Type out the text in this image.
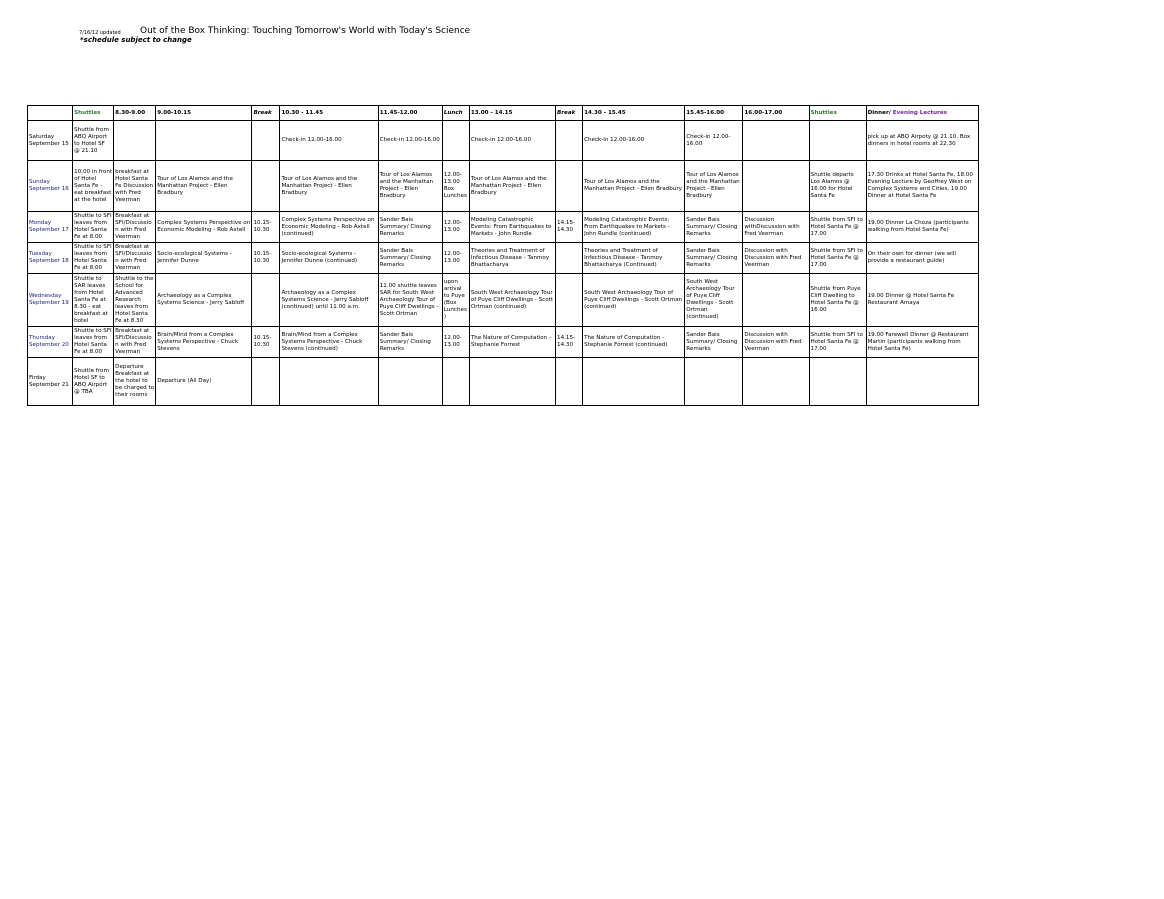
7/16/12 updated Out of the Box Thinking: Touching Tomorrow's World with Today's Science
*schedule subject to change
	Shuttles	8.30-9.00	9.00-10.15	Break	10.30 - 11.45	11.45-12.00	Lunch	13.00 - 14.15	Break	14.30 - 15.45	15.45-16.00	16.00-17.00	Shuttles	Dinner/ Evening Lectures
Saturday September 15	Shuttle from ABQ Airport to Hotel SF @ 21.10				Check-in 12.00-16.00	Check-in 12.00-16.00		Check-in 12.00-16.00		Check-in 12.00-16.00	Check-in 12.00-16.00			pick up at ABQ Airpoty @ 21.10. Box dinners in hotel rooms at 22.30
Sunday September 16	10.00 in front of Hotel Santa Fe - eat breakfast at the hotel	breakfast at Hotel Santa Fe Discussion with Fred Veerman	Tour of Los Alamos and the Manhattan Project - Ellen Bradbury		Tour of Los Alamos and the Manhattan Project - Ellen Bradbury	Tour of Los Alamos and the Manhattan Project - Ellen Bradbury	12.00-13.00 Box Lunches	Tour of Los Alamos and the Manhattan Project - Ellen Bradbury		Tour of Los Alamos and the Manhattan Project - Ellen Bradbury	Tour of Los Alamos and the Manhattan Project - Ellen Bradbury		Shuttle departs Los Alamos @ 16.00 for Hotel Santa Fe	17.30 Drinks at Hotel Santa Fe, 18.00 Evening Lecture by Geoffrey West on Complex Systems and Cities, 19.00 Dinner at Hotel Santa Fe
Monday September 17	Shuttle to SFI leaves from Hotel Santa Fe at 8.00	Breakfast at SFI/Discussion with Fred Veerman	Complex Systems Perspective on Economic Modeling - Rob Axtell	10.15-10.30	Complex Systems Perspective on Economic Modeling - Rob Axtell (continued)	Sander Bais Summary/ Closing Remarks	12.00-13.00	Modeling Catastrophic Events: From Earthquakes to Markets - John Rundle	14.15-14.30	Modeling Catastrophic Events: From Earthquakes to Markets - John Rundle (continued)	Sander Bais Summary/ Closing Remarks	Discussion withDiscussion with Fred Veerman	Shuttle from SFI to Hotel Santa Fe @ 17.00	19.00 Dinner La Choza (participants walking from Hotel Santa Fe)
Tuesday September 18	Shuttle to SFI leaves from Hotel Santa Fe at 8.00	Breakfast at SFI/Discussion with Fred Veerman	Socio-ecological Systems - Jennifer Dunne	10.15-10.30	Socio-ecological Systems - Jennifer Dunne (continued)	Sander Bais Summary/ Closing Remarks	12.00-13.00	Theories and Treatment of Infectious Disease - Tanmoy Bhattacharya		Theories and Treatment of Infectious Disease - Tanmoy Bhattacharya (Continued)	Sander Bais Summary/ Closing Remarks	Discussion with Discussion with Fred Veerman	Shuttle from SFI to Hotel Santa Fe @ 17.00	On their own for dinner (we will provide a restaurant guide)
Wednesday September 19	Shuttle to SAR leaves from Hotel Santa Fe at 8.30 - eat breakfast at hotel	Shuttle to the School for Advanced Research leaves from Hotel Santa Fe at 8.30	Archaeology as a Complex Systems Science - Jerry Sabloff		Archaeology as a Complex Systems Science - Jerry Sabloff (continued) until 11.00 a.m.	11.00 shuttle leaves SAR for South West Archaeology Tour of Puye Cliff Dwellings - Scott Ortman	upon arrival to Puye (Box Lunches)	South West Archaeology Tour of Puye Cliff Dwellings - Scott Ortman (continued)		South West Archaeology Tour of Puye Cliff Dwellings - Scott Ortman (continued)	South West Archaeology Tour of Puye Cliff Dwellings - Scott Ortman (continued)		Shuttle from Puye Cliff Dwelling to Hotel Santa Fe @ 16.00	19.00 Dinner @ Hotel Santa Fe Restaurant Amaya
Thursday September 20	Shuttle to SFI leaves from Hotel Santa Fe at 8.00	Breakfast at SFI/Discussion with Fred Veerman	Brain/Mind from a Complex Systems Perspective - Chuck Stevens	10.15-10.30	Brain/Mind from a Complex Systems Perspective - Chuck Stevens (continued)	Sander Bais Summary/ Closing Remarks	12.00-13.00	The Nature of Computation - Stephanie Forrest	14.15-14.30	The Nature of Computation - Stephanie Forrest (continued)	Sander Bais Summary/ Closing Remarks	Discussion with Discussion with Fred Veerman	Shuttle from SFI to Hotel Santa Fe @ 17.00	19.00 Farewell Dinner @ Restaurant Martin (participants walking from Hotel Santa Fe)
Firday September 21	Shuttle from Hotel SF to ABQ Airport @ TBA	Departure Breakfast at the hotel to be charged to their rooms	Departure (All Day)											
